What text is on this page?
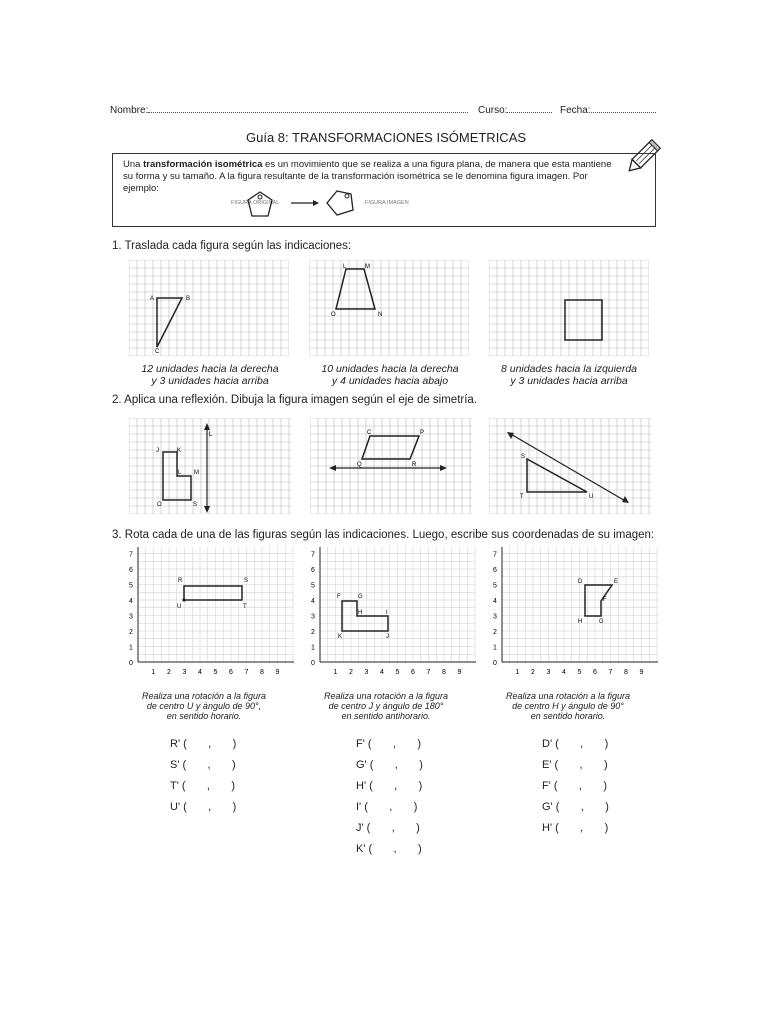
Nombre:	Curso:	Fecha:
Guía 8: TRANSFORMACIONES ISÓMETRICAS
Una transformación isométrica es un movimiento que se realiza a una figura plana, de manera que esta mantiene su forma y su tamaño. A la figura resultante de la transformación isométrica se le denomina figura imagen. Por ejemplo:
FIGURA ORIGINAL	FIGURA IMAGEN
1. Traslada cada figura según las indicaciones:
A	B
C
L	M
O	N
12 unidades hacia la derecha
y 3 unidades hacia arriba
10 unidades hacia la derecha
y 4 unidades hacia abajo
8 unidades hacia la izquierda
y 3 unidades hacia arriba
2. Aplica una reflexión. Dibuja la figura imagen según el eje de simetría.
J	K
L M
O	S
L	C	P
Q	R
S
T	U
3. Rota cada de una de las figuras según las indicaciones. Luego, escribe sus coordenadas de su imagen:
1 2 3 4 5 6 7 8 9
1
2
3
4
5
6
7
0
R	S
U	T
1 2 3 4 5 6 7 8 9
1
2
3
4
5
6
7
0
F	G
H	I
K	J
1 2 3 4 5 6 7 8 9
1
2
3
4
5
6
7
0
D	E
F
H	G
Realiza una rotación a la figura
de centro U y ángulo de 90°,
en sentido horario.
Realiza una rotación a la figura
de centro J y ángulo de 180°
en sentido antihorario.
Realiza una rotación a la figura
de centro H y ángulo de 90°
en sentido horario.
R' (       ,       )
S' (       ,       )
T' (       ,       )
U' (       ,       )
F' (       ,       )
G' (       ,       )
H' (       ,       )
I' (       ,       )
J' (       ,       )
K' (       ,       )
D' (       ,       )
E' (       ,       )
F' (       ,       )
G' (       ,       )
H' (       ,       )
